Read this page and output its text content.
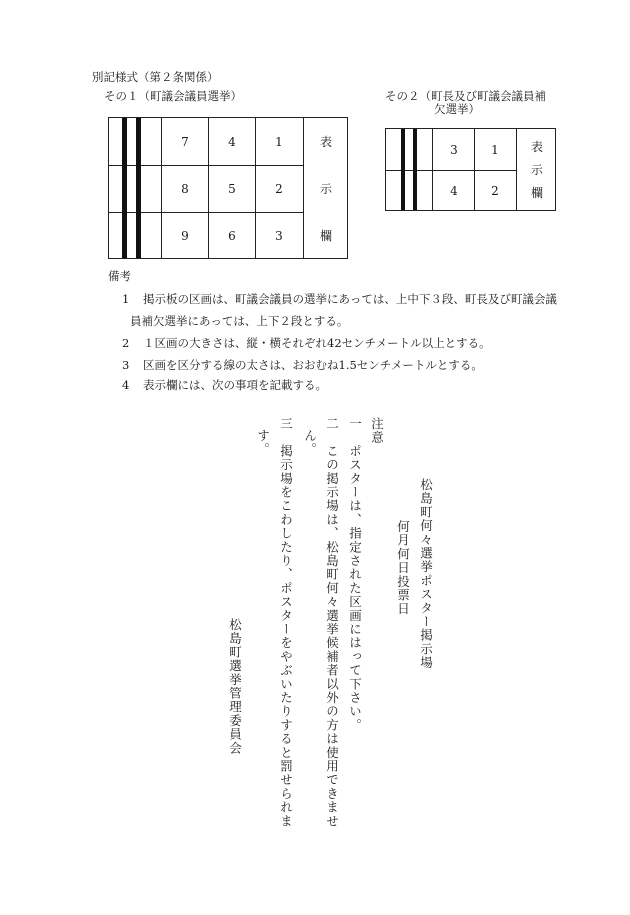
別記様式（第２条関係）
その１（町議会議員選挙）	その２（町長及び町議会議員補
欠選挙）
7	4	1
8	5	2
9	6	3
表
示
欄
3	1
4	2
表
示
欄
備考
1 掲示板の区画は、町議会議員の選挙にあっては、上中下３段、町長及び町議会議
員補欠選挙にあっては、上下２段とする。
2 １区画の大きさは、縦・横それぞれ42センチメートル以上とする。
3 区画を区分する線の太さは、おおむね1.5センチメートルとする。
4 表示欄には、次の事項を記載する。
松島町何々選挙ポスター掲示場
何月何日投票日
注意
一　ポスターは、指定された区画にはって下さい。
二　この掲示場は、松島町何々選挙候補者以外の方は使用できませ
ん。
三　掲示場をこわしたり、ポスターをやぶいたりすると罰せられま
す。
松島町選挙管理委員会
